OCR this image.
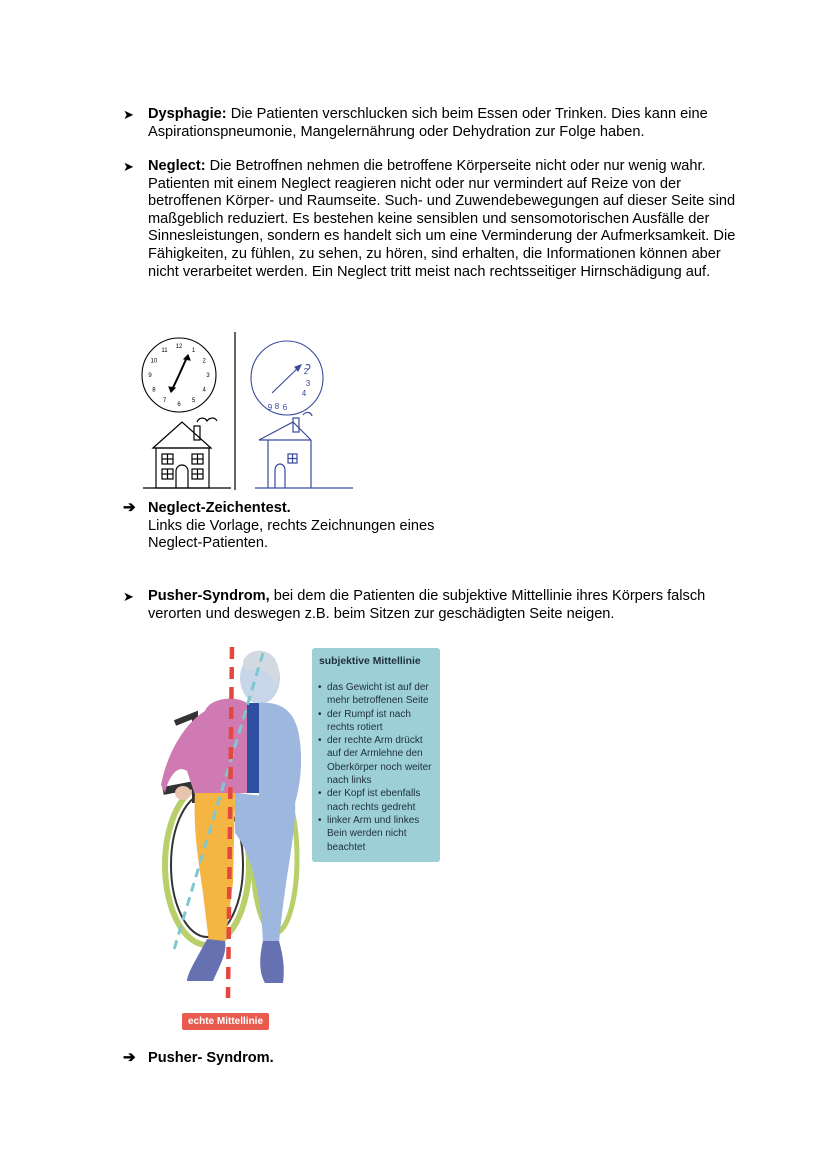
➤ Dysphagie: Die Patienten verschlucken sich beim Essen oder Trinken. Dies kann eine Aspirationspneumonie, Mangelernährung oder Dehydration zur Folge haben.
➤ Neglect: Die Betroffnen nehmen die betroffene Körperseite nicht oder nur wenig wahr. Patienten mit einem Neglect reagieren nicht oder nur vermindert auf Reize von der betroffenen Körper- und Raumseite. Such- und Zuwendebewegungen auf dieser Seite sind maßgeblich reduziert. Es bestehen keine sensiblen und sensomotorischen Ausfälle der Sinnesleistungen, sondern es handelt sich um eine Verminderung der Aufmerksamkeit. Die Fähigkeiten, zu fühlen, zu sehen, zu hören, sind erhalten, die Informationen können aber nicht verarbeitet werden. Ein Neglect tritt meist nach rechtsseitiger Hirnschädigung auf.
12
1
2
3
4
5
6
7
8
9
10
11
2
3
4
6
8
9
➔ Neglect-Zeichentest.
Links die Vorlage, rechts Zeichnungen eines
Neglect-Patienten.
➤ Pusher-Syndrom, bei dem die Patienten die subjektive Mittellinie ihres Körpers falsch verorten und deswegen z.B. beim Sitzen zur geschädigten Seite neigen.
subjektive Mittellinie
• das Gewicht ist auf der mehr betroffenen Seite
• der Rumpf ist nach rechts rotiert
• der rechte Arm drückt auf der Armlehne den Oberkörper noch weiter nach links
• der Kopf ist ebenfalls nach rechts gedreht
• linker Arm und linkes Bein werden nicht beachtet
echte Mittellinie
➔ Pusher- Syndrom.
